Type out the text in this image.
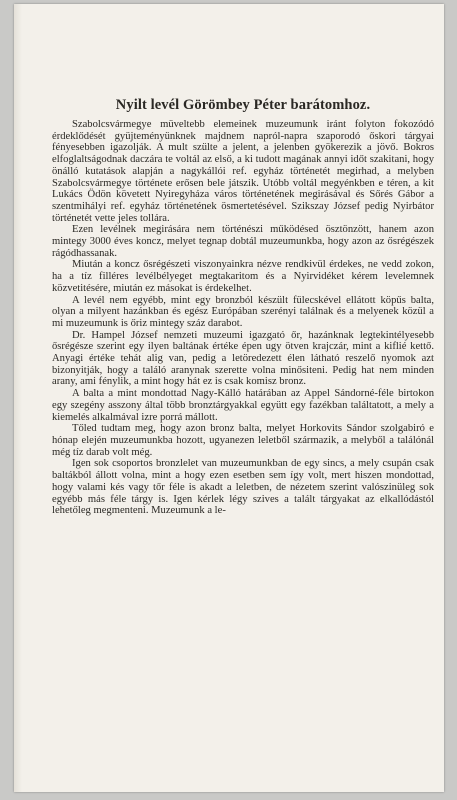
Nyilt levél Görömbey Péter barátomhoz.

Szabolcsvármegye müveltebb elemeinek muzeumunk iránt folyton fokozódó érdeklődését gyüjteményünknek majdnem napról-napra szaporodó őskori tárgyai fényesebben igazolják. A mult szülte a jelent, a jelenben gyökerezik a jövő. Bokros elfoglaltságodnak daczára te voltál az első, a ki tudott magának annyi időt szakitani, hogy önálló kutatások alapján a nagykállói ref. egyház történetét megirhad, a melyben Szabolcsvármegye története erősen bele játszik. Utóbb voltál megyénkben e téren, a kit Lukács Ödön követett Nyiregyháza város történetének megirásával és Sőrés Gábor a szentmihályi ref. egyház történetének ösmertetésével. Szikszay József pedig Nyirbátor történetét vette jeles tollára.

Ezen levélnek megirására nem történészi működésed ösztönzött, hanem azon mintegy 3000 éves koncz, melyet tegnap dobtál muzeumunkba, hogy azon az ősrégészek rágódhassanak.

Miután a koncz ősrégészeti viszonyainkra nézve rendkivül érdekes, ne vedd zokon, ha a tíz filléres levélbélyeget megtakaritom és a Nyirvidéket kérem levelemnek közvetitésére, miután ez másokat is érdekelhet.

A levél nem egyébb, mint egy bronzból készült fülecskével ellátott köpűs balta, olyan a milyent hazánkban és egész Európában szerényi találnak és a melyenek közül a mi muzeumunk is őriz mintegy száz darabot.

Dr. Hampel József nemzeti muzeumi igazgató őr, hazánknak legtekintélyesebb ősrégésze szerint egy ilyen baltának értéke épen ugy ötven krajczár, mint a kiflié kettő. Anyagi értéke tehát alig van, pedig a letöredezett élen látható reszelő nyomok azt bizonyitják, hogy a találó aranynak szerette volna minősiteni. Pedig hat nem minden arany, ami fénylik, a mint hogy hát ez is csak komisz bronz.

A balta a mint mondottad Nagy-Kálló határában az Appel Sándorné-féle birtokon egy szegény asszony által több bronztárgyakkal együtt egy fazékban találtatott, a mely a kiemelés alkalmával izre porrá mállott.

Tőled tudtam meg, hogy azon bronz balta, melyet Horkovits Sándor szolgabiró e hónap elején muzeumunkba hozott, ugyanezen leletből származik, a melyből a találónál még tíz darab volt még.

Igen sok csoportos bronzlelet van muzeumunkban de egy sincs, a mely csupán csak baltákból állott volna, mint a hogy ezen esetben sem így volt, mert hiszen mondottad, hogy valami kés vagy tőr féle is akadt a leletben, de nézetem szerint valószinüleg sok egyébb más féle tárgy is. Igen kérlek légy szives a talált tárgyakat az elkallódástól lehetőleg megmenteni. Muzeumunk a le-
